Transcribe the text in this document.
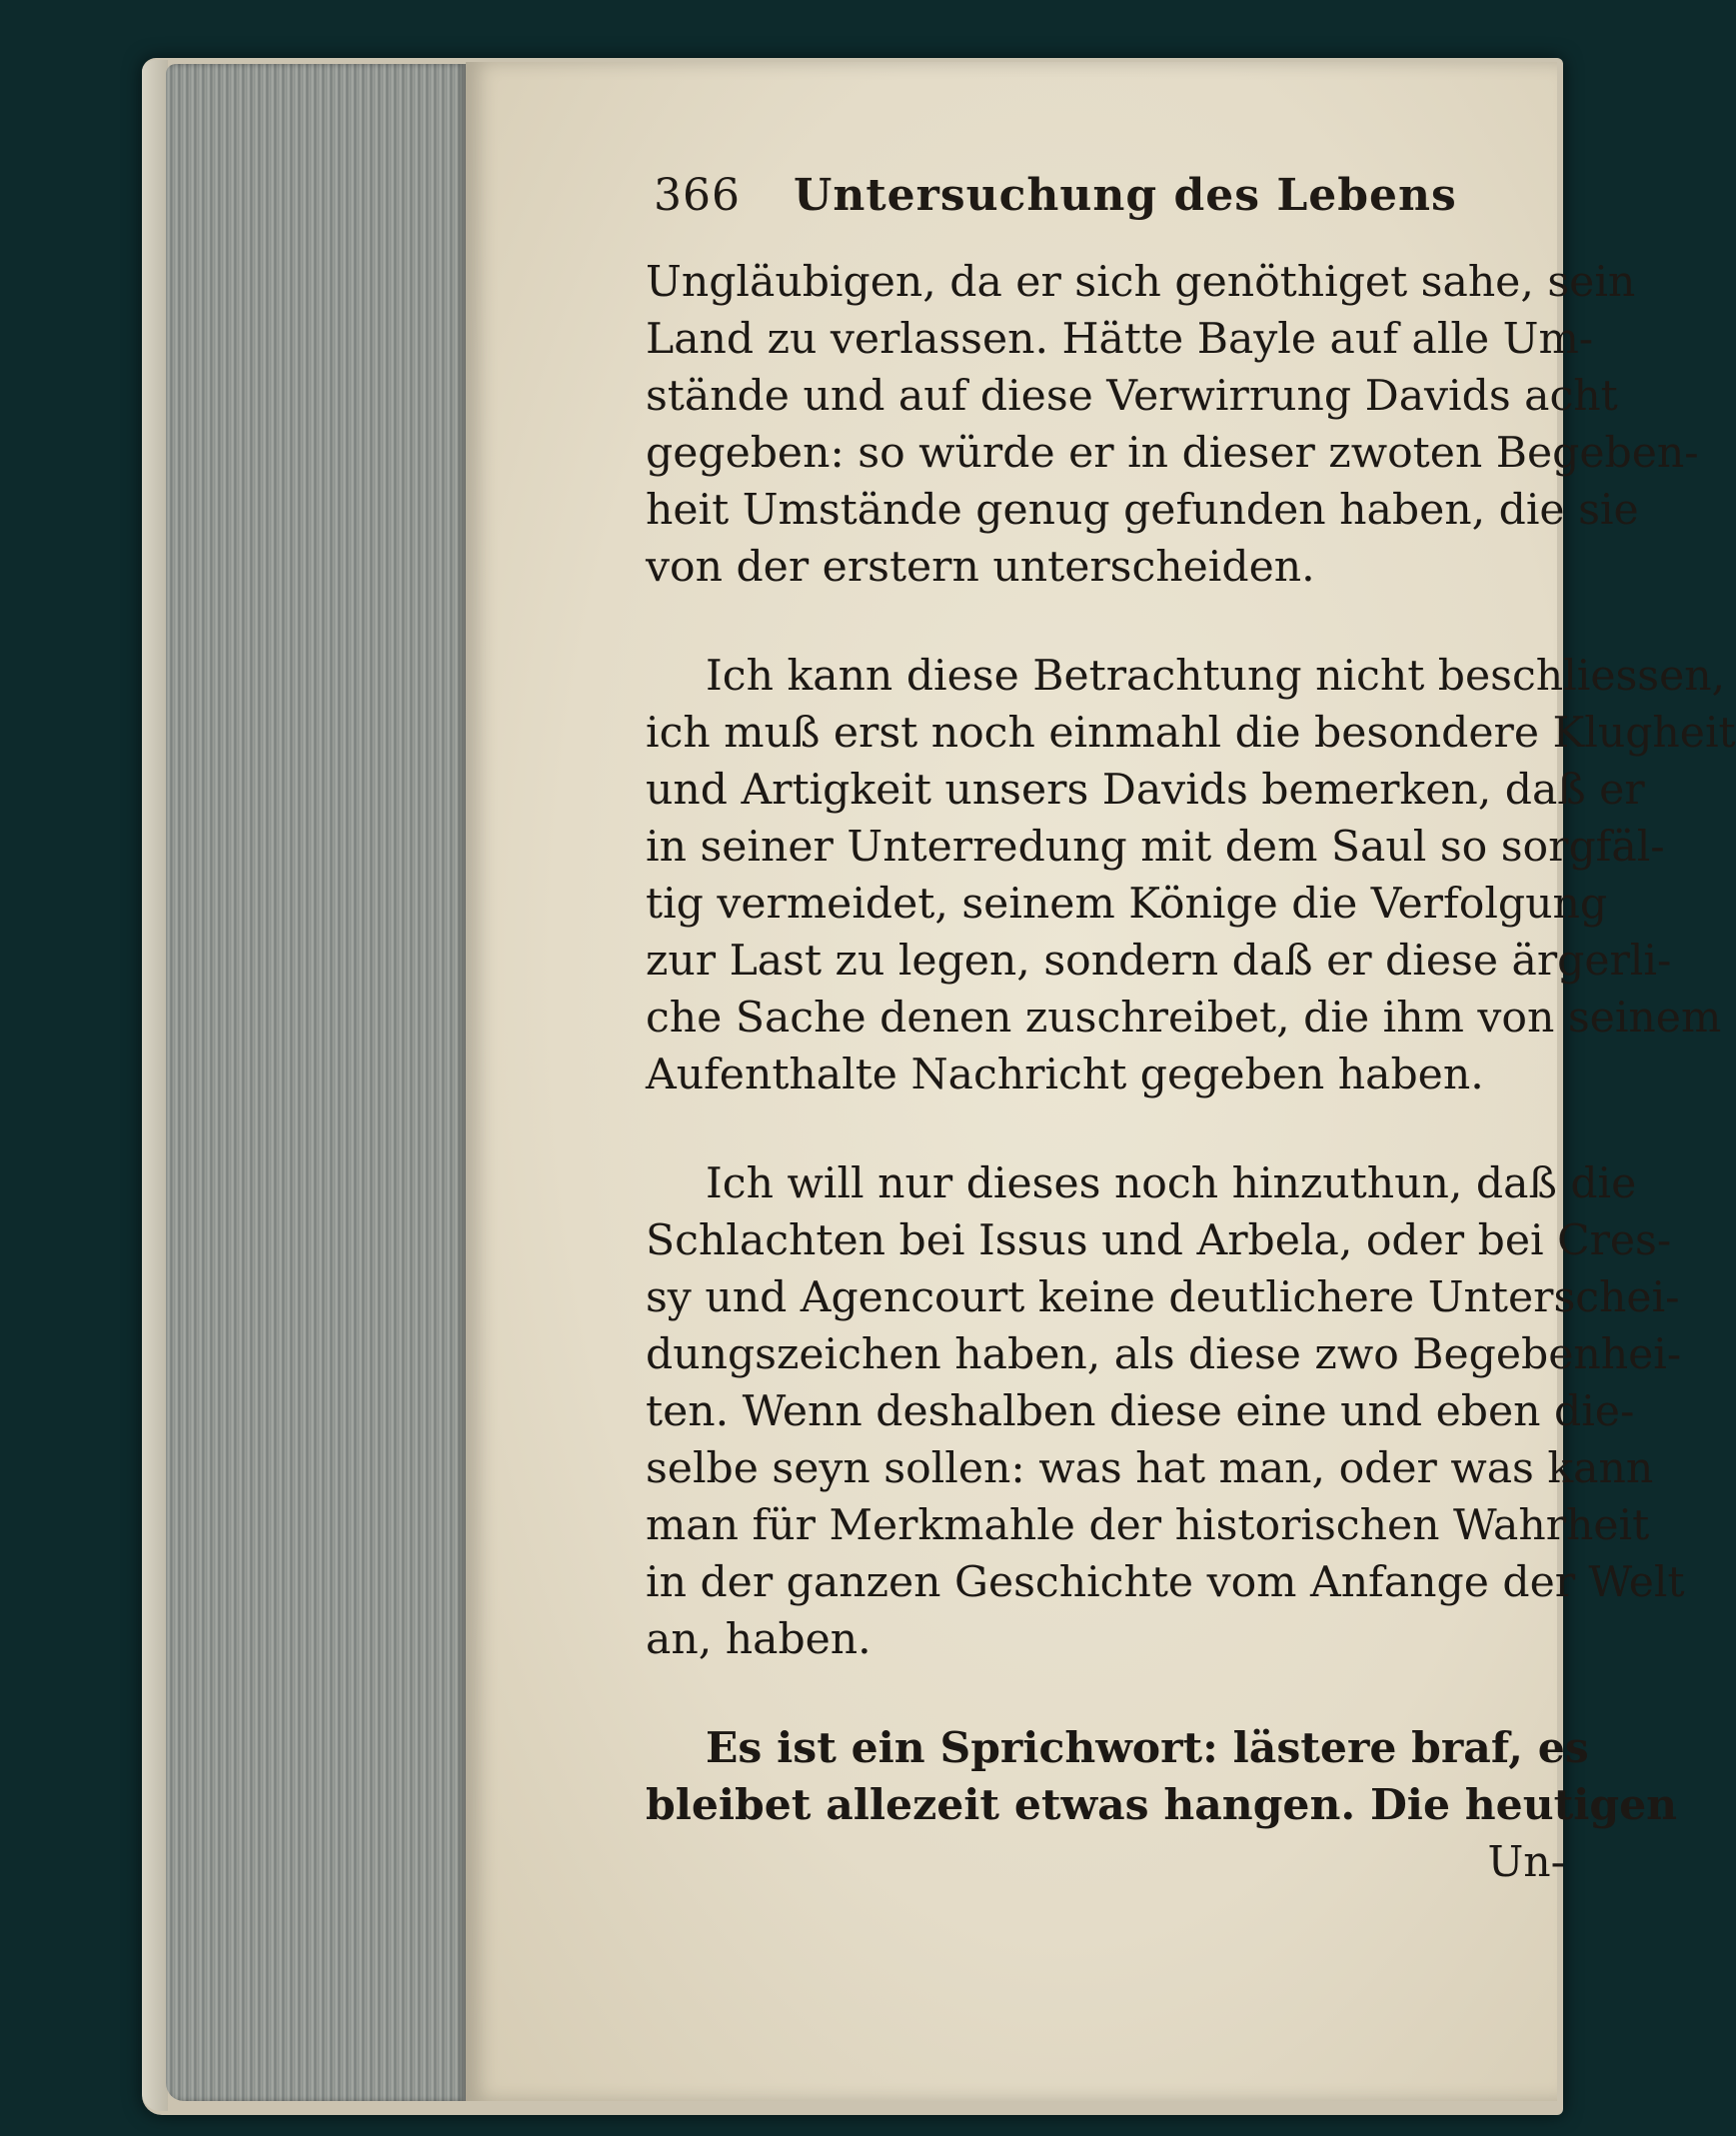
366 Untersuchung des Lebens
Ungläubigen, da er sich genöthiget sahe, sein
Land zu verlassen. Hätte Bayle auf alle Um-
stände und auf diese Verwirrung Davids acht
gegeben: so würde er in dieser zwoten Begeben-
heit Umstände genug gefunden haben, die sie
von der erstern unterscheiden.
Ich kann diese Betrachtung nicht beschliessen,
ich muß erst noch einmahl die besondere Klugheit
und Artigkeit unsers Davids bemerken, daß er
in seiner Unterredung mit dem Saul so sorgfäl-
tig vermeidet, seinem Könige die Verfolgung
zur Last zu legen, sondern daß er diese ärgerli-
che Sache denen zuschreibet, die ihm von seinem
Aufenthalte Nachricht gegeben haben.
Ich will nur dieses noch hinzuthun, daß die
Schlachten bei Issus und Arbela, oder bei Cres-
sy und Agencourt keine deutlichere Unterschei-
dungszeichen haben, als diese zwo Begebenhei-
ten. Wenn deshalben diese eine und eben die-
selbe seyn sollen: was hat man, oder was kann
man für Merkmahle der historischen Wahrheit
in der ganzen Geschichte vom Anfange der Welt
an, haben.
Es ist ein Sprichwort: lästere braf, es
bleibet allezeit etwas hangen. Die heutigen
Un-
